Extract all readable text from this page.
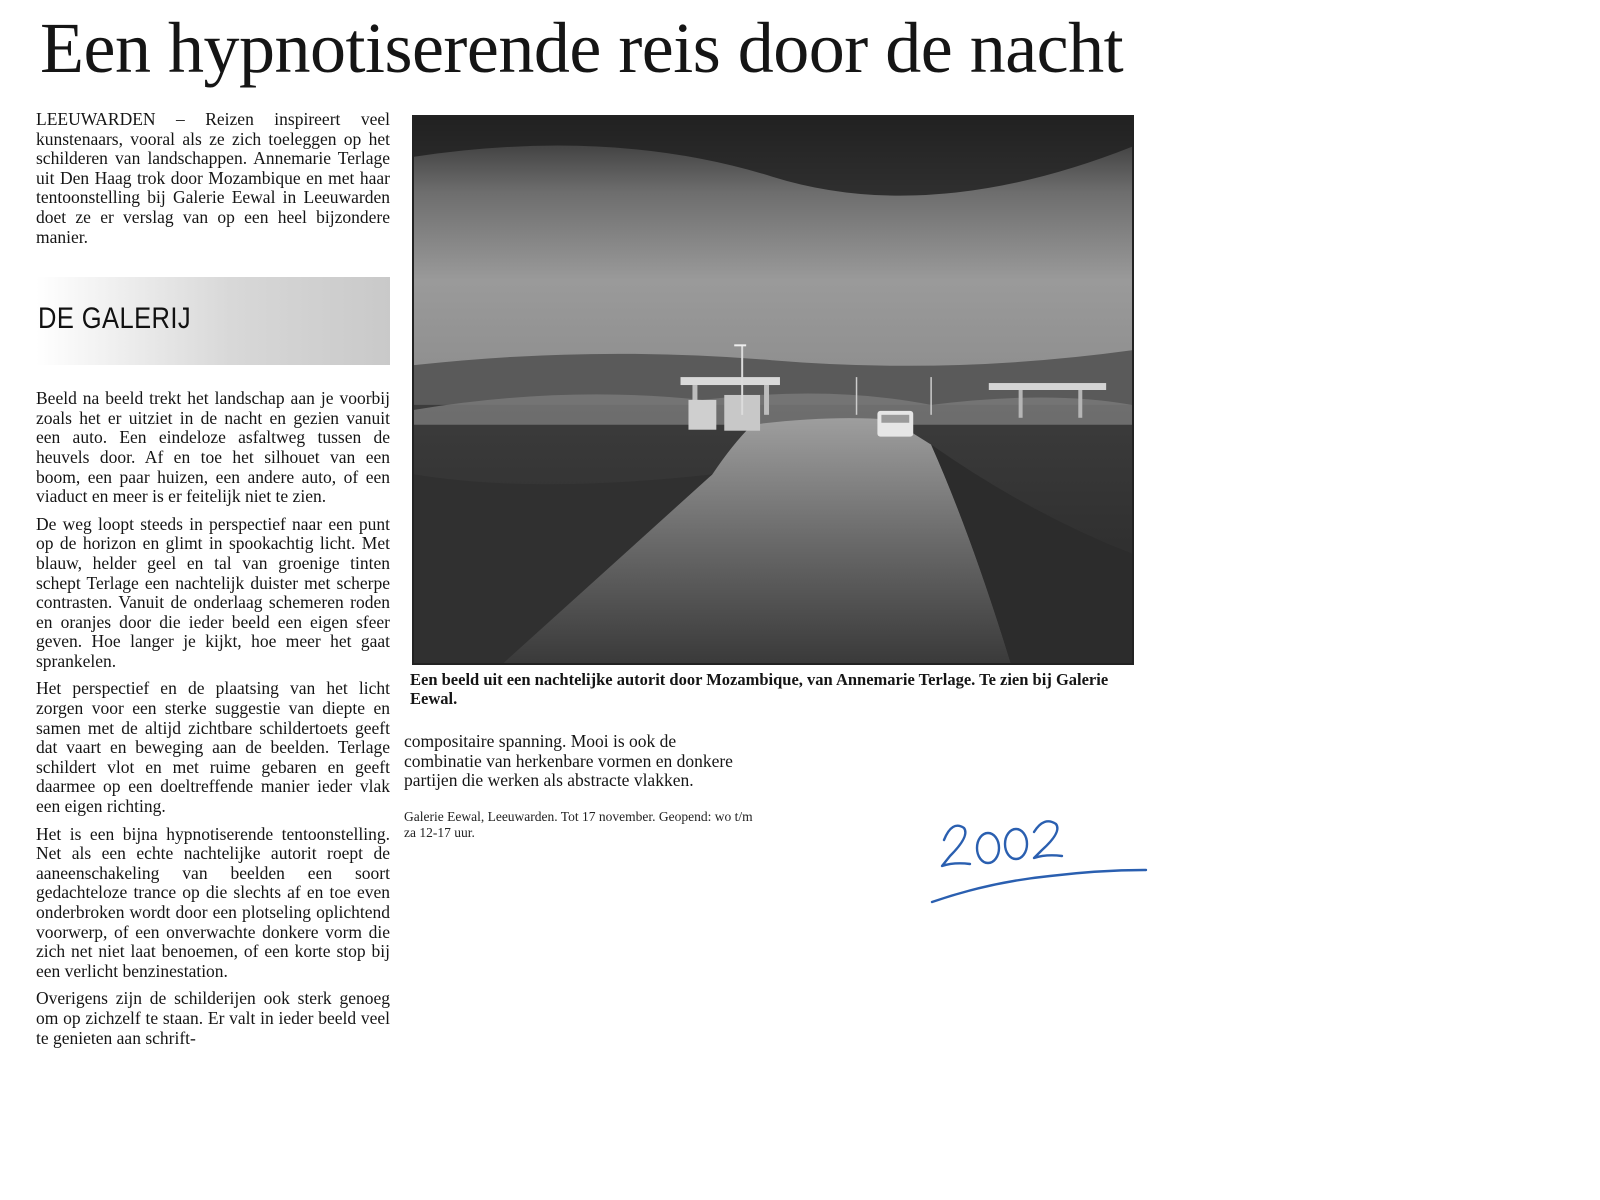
Een hypnotiserende reis door de nacht

LEEUWARDEN – Reizen inspireert veel kunstenaars, vooral als ze zich toeleggen op het schilderen van landschappen. Annemarie Terlage uit Den Haag trok door Mozambique en met haar tentoonstelling bij Galerie Eewal in Leeuwarden doet ze er verslag van op een heel bijzondere manier.

DE GALERIJ

Beeld na beeld trekt het landschap aan je voorbij zoals het er uitziet in de nacht en gezien vanuit een auto. Een eindeloze asfaltweg tussen de heuvels door. Af en toe het silhouet van een boom, een paar huizen, een andere auto, of een viaduct en meer is er feitelijk niet te zien.

De weg loopt steeds in perspectief naar een punt op de horizon en glimt in spookachtig licht. Met blauw, helder geel en tal van groenige tinten schept Terlage een nachtelijk duister met scherpe contrasten. Vanuit de onderlaag schemeren roden en oranjes door die ieder beeld een eigen sfeer geven. Hoe langer je kijkt, hoe meer het gaat sprankelen.

Het perspectief en de plaatsing van het licht zorgen voor een sterke suggestie van diepte en samen met de altijd zichtbare schildertoets geeft dat vaart en beweging aan de beelden. Terlage schildert vlot en met ruime gebaren en geeft daarmee op een doeltreffende manier ieder vlak een eigen richting.

Het is een bijna hypnotiserende tentoonstelling. Net als een echte nachtelijke autorit roept de aaneenschakeling van beelden een soort gedachteloze trance op die slechts af en toe even onderbroken wordt door een plotseling oplichtend voorwerp, of een onverwachte donkere vorm die zich net niet laat benoemen, of een korte stop bij een verlicht benzinestation.

Overigens zijn de schilderijen ook sterk genoeg om op zichzelf te staan. Er valt in ieder beeld veel te genieten aan schrift-

Een beeld uit een nachtelijke autorit door Mozambique, van Annemarie Terlage. Te zien bij Galerie Eewal.

compositaire spanning. Mooi is ook de combinatie van herkenbare vormen en donkere partijen die werken als abstracte vlakken.

Galerie Eewal, Leeuwarden. Tot 17 november. Geopend: wo t/m za 12-17 uur.
